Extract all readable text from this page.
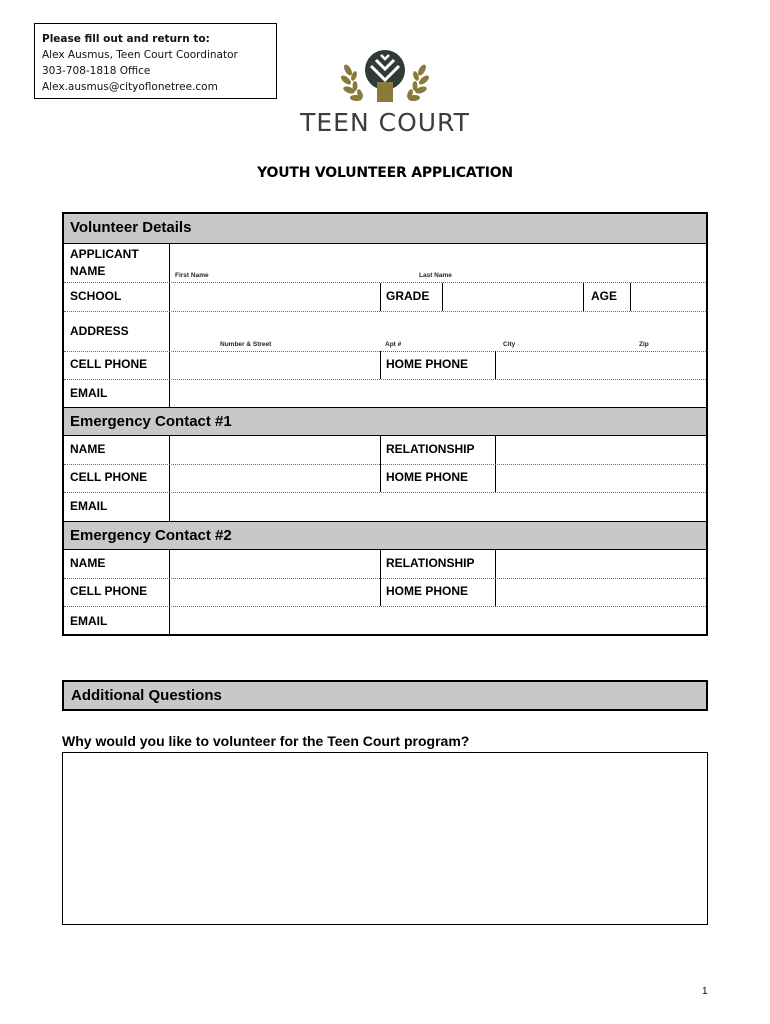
Please fill out and return to:
Alex Ausmus, Teen Court Coordinator
303-708-1818 Office
Alex.ausmus@cityoflonetree.com
TEEN COURT
YOUTH VOLUNTEER APPLICATION
Volunteer Details
APPLICANT
NAME	First Name	Last Name
SCHOOL	GRADE	AGE
ADDRESS
Number & Street	Apt #	City	Zip
CELL PHONE	HOME PHONE
EMAIL
Emergency Contact #1
NAME	RELATIONSHIP
CELL PHONE	HOME PHONE
EMAIL
Emergency Contact #2
NAME	RELATIONSHIP
CELL PHONE	HOME PHONE
EMAIL
Additional Questions
Why would you like to volunteer for the Teen Court program?
1
